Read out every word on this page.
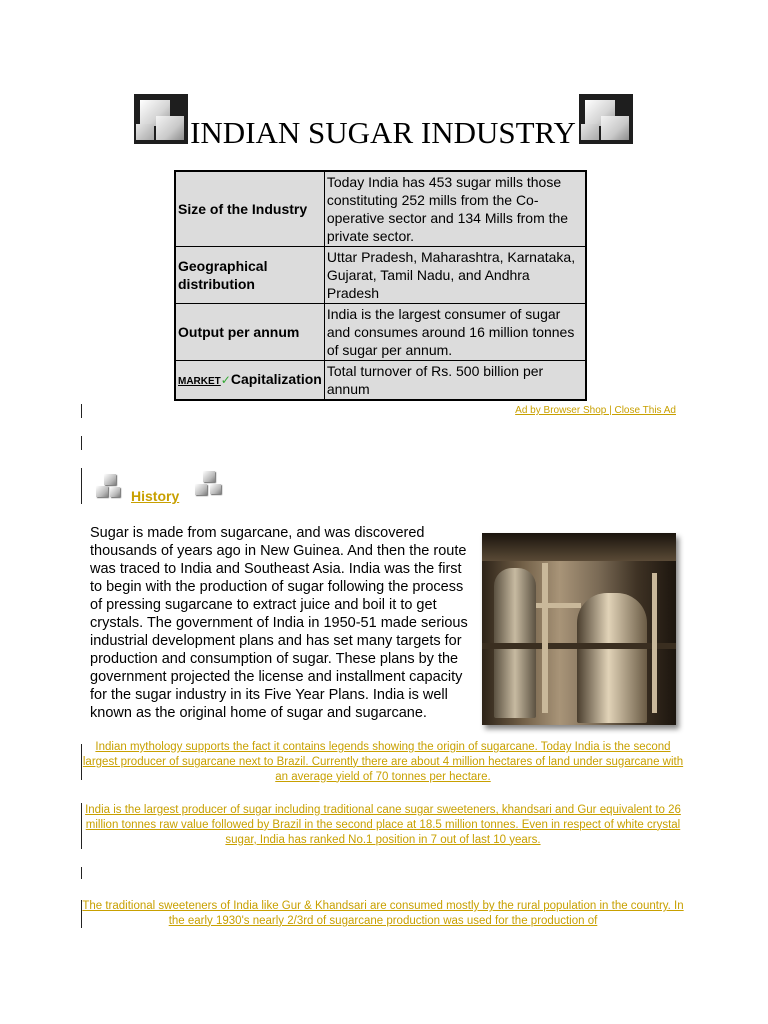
INDIAN SUGAR INDUSTRY
Size of the Industry	Today India has 453 sugar mills those constituting 252 mills from the Co-operative sector and 134 Mills from the private sector.
Geographical distribution	Uttar Pradesh, Maharashtra, Karnataka, Gujarat, Tamil Nadu, and Andhra Pradesh
Output per annum	India is the largest consumer of sugar and consumes around 16 million tonnes of sugar per annum.
MARKET✓Capitalization	Total turnover of Rs. 500 billion per annum
Ad by Browser Shop | Close This Ad
History

Sugar is made from sugarcane, and was discovered thousands of years ago in New Guinea. And then the route was traced to India and Southeast Asia. India was the first to begin with the production of sugar following the process of pressing sugarcane to extract juice and boil it to get crystals. The government of India in 1950-51 made serious industrial development plans and has set many targets for production and consumption of sugar. These plans by the government projected the license and installment capacity for the sugar industry in its Five Year Plans. India is well known as the original home of sugar and sugarcane.

Indian mythology supports the fact it contains legends showing the origin of sugarcane. Today India is the second largest producer of sugarcane next to Brazil. Currently there are about 4 million hectares of land under sugarcane with an average yield of 70 tonnes per hectare.

India is the largest producer of sugar including traditional cane sugar sweeteners, khandsari and Gur equivalent to 26 million tonnes raw value followed by Brazil in the second place at 18.5 million tonnes. Even in respect of white crystal sugar, India has ranked No.1 position in 7 out of last 10 years.

The traditional sweeteners of India like Gur & Khandsari are consumed mostly by the rural population in the country. In the early 1930's nearly 2/3rd of sugarcane production was used for the production of
